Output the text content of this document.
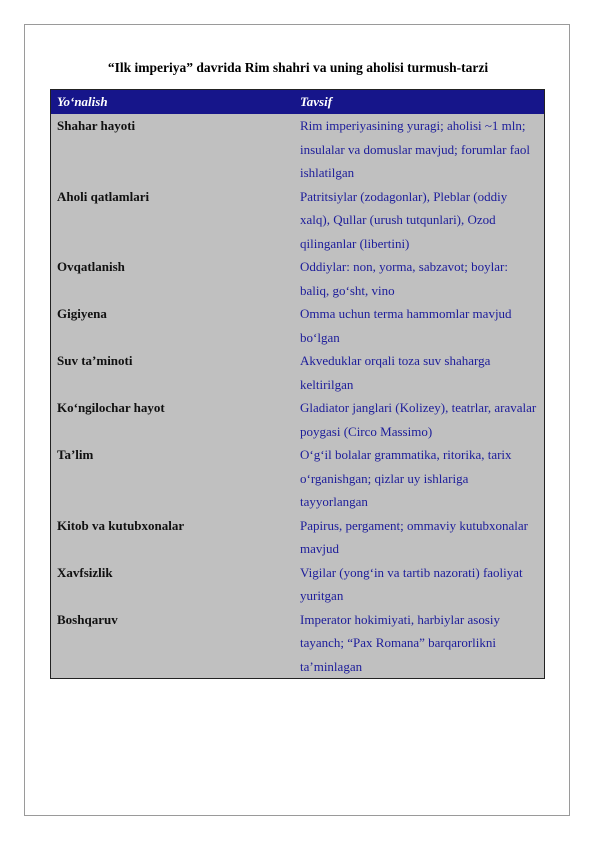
“Ilk imperiya” davrida Rim shahri va uning aholisi turmush-tarzi
Yo‘nalish	Tavsif
Shahar hayoti	Rim imperiyasining yuragi; aholisi ~1 mln; insulalar va domuslar mavjud; forumlar faol ishlatilgan
Aholi qatlamlari	Patritsiylar (zodagonlar), Pleblar (oddiy xalq), Qullar (urush tutqunlari), Ozod qilinganlar (libertini)
Ovqatlanish	Oddiylar: non, yorma, sabzavot; boylar: baliq, go‘sht, vino
Gigiyena	Omma uchun terma hammomlar mavjud bo‘lgan
Suv ta’minoti	Akveduklar orqali toza suv shaharga keltirilgan
Ko‘ngilochar hayot	Gladiator janglari (Kolizey), teatrlar, aravalar poygasi (Circo Massimo)
Ta’lim	O‘g‘il bolalar grammatika, ritorika, tarix o‘rganishgan; qizlar uy ishlariga tayyorlangan
Kitob va kutubxonalar	Papirus, pergament; ommaviy kutubxonalar mavjud
Xavfsizlik	Vigilar (yong‘in va tartib nazorati) faoliyat yuritgan
Boshqaruv	Imperator hokimiyati, harbiylar asosiy tayanch; “Pax Romana” barqarorlikni ta’minlagan
